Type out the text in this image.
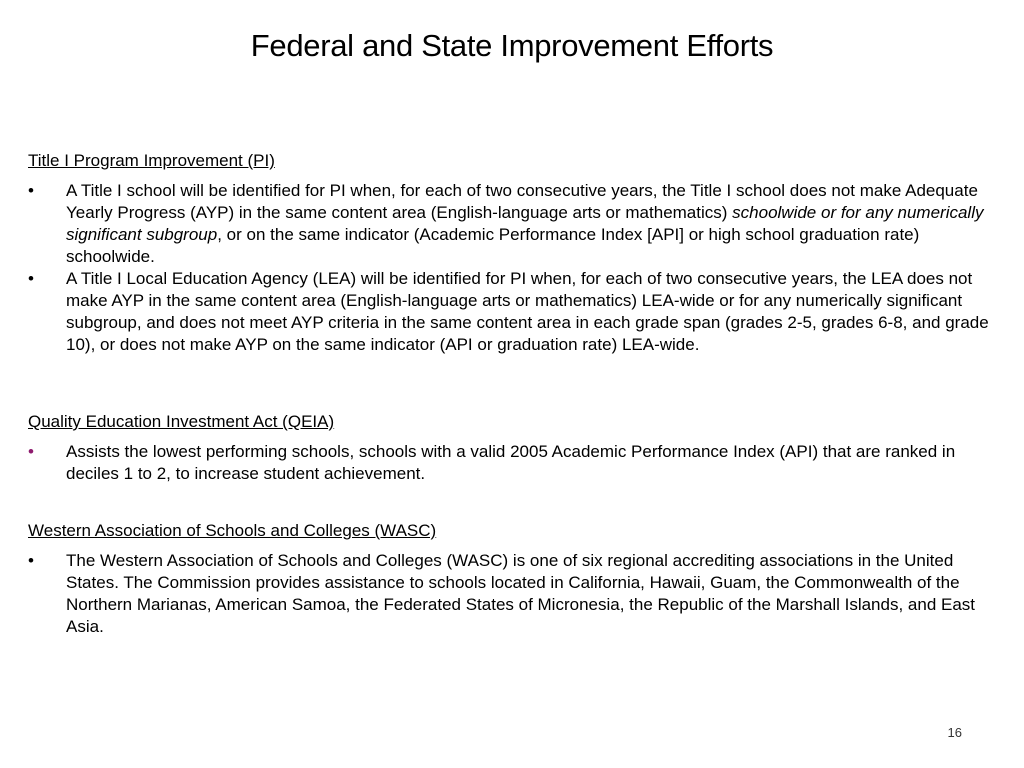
Federal and State Improvement Efforts
Title I Program Improvement (PI)
•	A Title I school will be identified for PI when, for each of two consecutive years, the Title I school does not make Adequate Yearly Progress (AYP) in the same content area (English-language arts or mathematics) schoolwide or for any numerically significant subgroup, or on the same indicator (Academic Performance Index [API] or high school graduation rate) schoolwide.
•	A Title I Local Education Agency (LEA) will be identified for PI when, for each of two consecutive years, the LEA does not make AYP in the same content area (English-language arts or mathematics) LEA-wide or for any numerically significant subgroup, and does not meet AYP criteria in the same content area in each grade span (grades 2-5, grades 6-8, and grade 10), or does not make AYP on the same indicator (API or graduation rate) LEA-wide.
Quality Education Investment Act (QEIA)
•	Assists the lowest performing schools, schools with a valid 2005 Academic Performance Index (API) that are ranked in deciles 1 to 2, to increase student achievement.
Western Association of Schools and Colleges (WASC)
•	The Western Association of Schools and Colleges (WASC) is one of six regional accrediting associations in the United States. The Commission provides assistance to schools located in California, Hawaii, Guam, the Commonwealth of the Northern Marianas, American Samoa, the Federated States of Micronesia, the Republic of the Marshall Islands, and East Asia.
16
